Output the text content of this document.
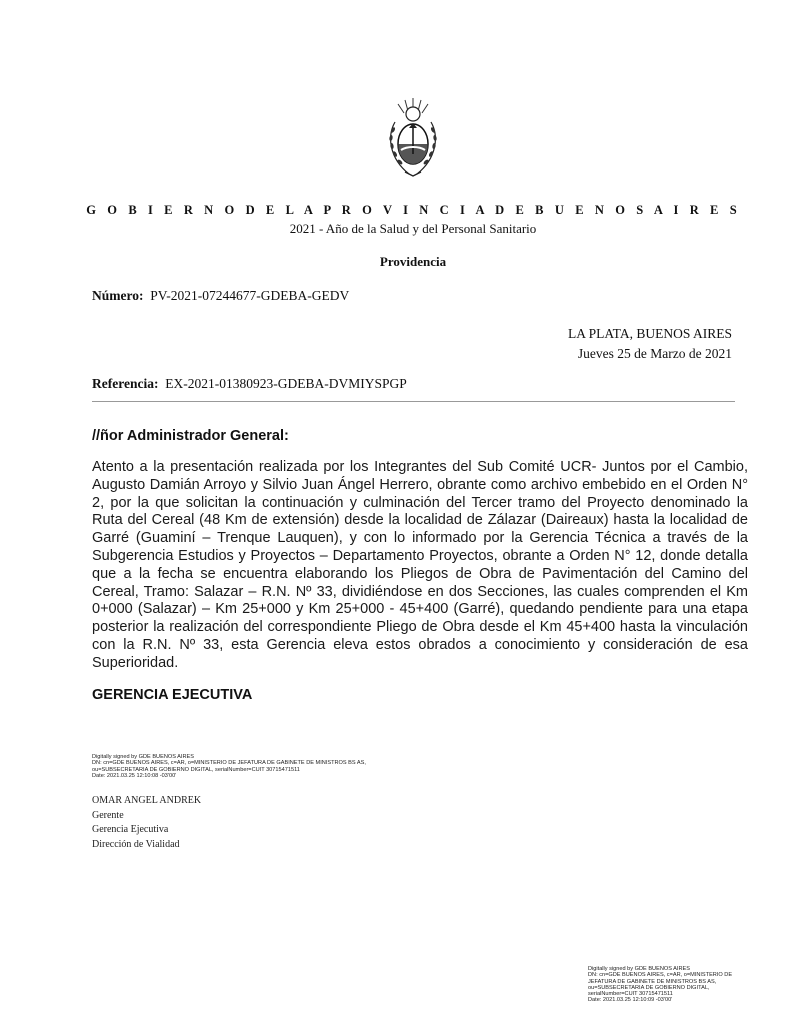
G O B I E R N O D E L A P R O V I N C I A D E B U E N O S A I R E S
2021 - Año de la Salud y del Personal Sanitario
Providencia
Número: PV-2021-07244677-GDEBA-GEDV
LA PLATA, BUENOS AIRES
Jueves 25 de Marzo de 2021
Referencia: EX-2021-01380923-GDEBA-DVMIYSPGP
//ñor Administrador General:
Atento a la presentación realizada por los Integrantes del Sub Comité UCR- Juntos por el Cambio, Augusto Damián Arroyo y Silvio Juan Ángel Herrero, obrante como archivo embebido en el Orden N° 2, por la que solicitan la continuación y culminación del Tercer tramo del Proyecto denominado la Ruta del Cereal (48 Km de extensión) desde la localidad de Zálazar (Daireaux) hasta la localidad de Garré (Guaminí – Trenque Lauquen), y con lo informado por la Gerencia Técnica a través de la Subgerencia Estudios y Proyectos – Departamento Proyectos, obrante a Orden N° 12, donde detalla que a la fecha se encuentra elaborando los Pliegos de Obra de Pavimentación del Camino del Cereal, Tramo: Salazar – R.N. Nº 33, dividiéndose en dos Secciones, las cuales comprenden el Km 0+000 (Salazar) – Km 25+000 y Km 25+000 - 45+400 (Garré), quedando pendiente para una etapa posterior la realización del correspondiente Pliego de Obra desde el Km 45+400 hasta la vinculación con la R.N. Nº 33, esta Gerencia eleva estos obrados a conocimiento y consideración de esa Superioridad.
GERENCIA EJECUTIVA
Digitally signed by GDE BUENOS AIRES
DN: cn=GDE BUENOS AIRES, c=AR, o=MINISTERIO DE JEFATURA DE GABINETE DE MINISTROS BS AS,
ou=SUBSECRETARIA DE GOBIERNO DIGITAL, serialNumber=CUIT 30715471511
Date: 2021.03.25 12:10:08 -03'00'
OMAR ANGEL ANDREK
Gerente
Gerencia Ejecutiva
Dirección de Vialidad
Digitally signed by GDE BUENOS AIRES
DN: cn=GDE BUENOS AIRES, c=AR, o=MINISTERIO DE
JEFATURA DE GABINETE DE MINISTROS BS AS,
ou=SUBSECRETARIA DE GOBIERNO DIGITAL,
serialNumber=CUIT 30715471511
Date: 2021.03.25 12:10:09 -03'00'
